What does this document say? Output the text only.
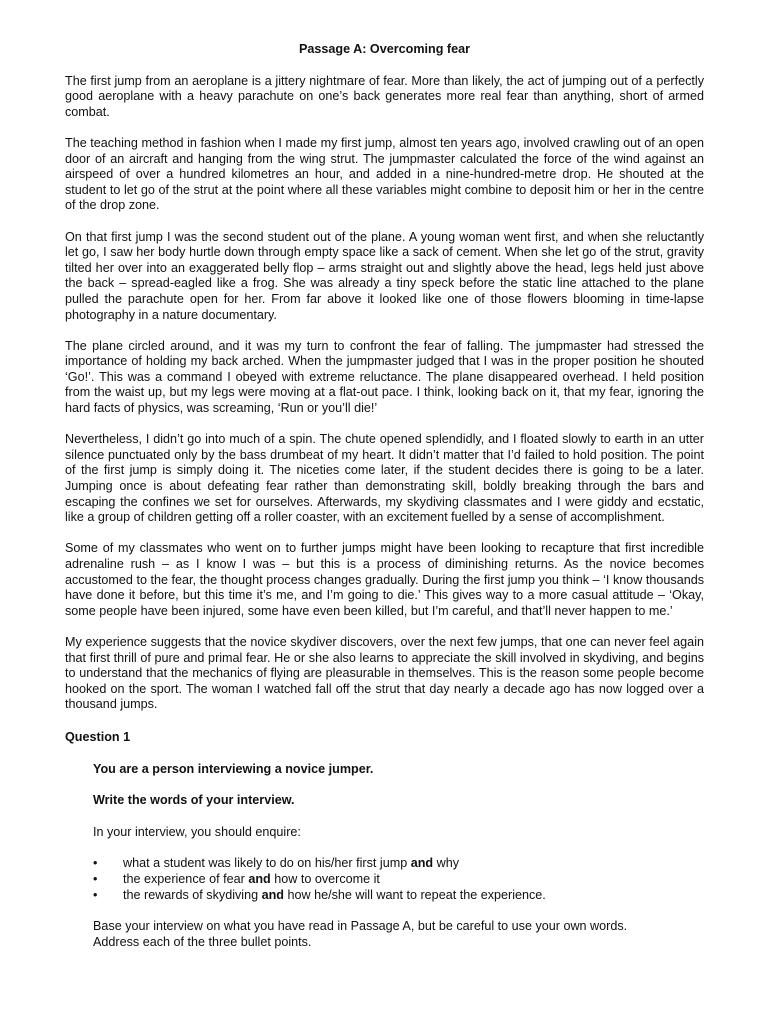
Passage A: Overcoming fear

The first jump from an aeroplane is a jittery nightmare of fear. More than likely, the act of jumping out of a perfectly good aeroplane with a heavy parachute on one’s back generates more real fear than anything, short of armed combat.

The teaching method in fashion when I made my first jump, almost ten years ago, involved crawling out of an open door of an aircraft and hanging from the wing strut. The jumpmaster calculated the force of the wind against an airspeed of over a hundred kilometres an hour, and added in a nine-hundred-metre drop. He shouted at the student to let go of the strut at the point where all these variables might combine to deposit him or her in the centre of the drop zone.

On that first jump I was the second student out of the plane. A young woman went first, and when she reluctantly let go, I saw her body hurtle down through empty space like a sack of cement. When she let go of the strut, gravity tilted her over into an exaggerated belly flop – arms straight out and slightly above the head, legs held just above the back – spread-eagled like a frog. She was already a tiny speck before the static line attached to the plane pulled the parachute open for her. From far above it looked like one of those flowers blooming in time-lapse photography in a nature documentary.

The plane circled around, and it was my turn to confront the fear of falling. The jumpmaster had stressed the importance of holding my back arched. When the jumpmaster judged that I was in the proper position he shouted ‘Go!’. This was a command I obeyed with extreme reluctance. The plane disappeared overhead. I held position from the waist up, but my legs were moving at a flat-out pace. I think, looking back on it, that my fear, ignoring the hard facts of physics, was screaming, ‘Run or you’ll die!’

Nevertheless, I didn’t go into much of a spin. The chute opened splendidly, and I floated slowly to earth in an utter silence punctuated only by the bass drumbeat of my heart. It didn’t matter that I’d failed to hold position. The point of the first jump is simply doing it. The niceties come later, if the student decides there is going to be a later. Jumping once is about defeating fear rather than demonstrating skill, boldly breaking through the bars and escaping the confines we set for ourselves. Afterwards, my skydiving classmates and I were giddy and ecstatic, like a group of children getting off a roller coaster, with an excitement fuelled by a sense of accomplishment.

Some of my classmates who went on to further jumps might have been looking to recapture that first incredible adrenaline rush – as I know I was – but this is a process of diminishing returns. As the novice becomes accustomed to the fear, the thought process changes gradually. During the first jump you think – ‘I know thousands have done it before, but this time it’s me, and I’m going to die.’ This gives way to a more casual attitude – ‘Okay, some people have been injured, some have even been killed, but I’m careful, and that’ll never happen to me.’

My experience suggests that the novice skydiver discovers, over the next few jumps, that one can never feel again that first thrill of pure and primal fear. He or she also learns to appreciate the skill involved in skydiving, and begins to understand that the mechanics of flying are pleasurable in themselves. This is the reason some people become hooked on the sport. The woman I watched fall off the strut that day nearly a decade ago has now logged over a thousand jumps.

Question 1
You are a person interviewing a novice jumper.
Write the words of your interview.
In your interview, you should enquire:
• what a student was likely to do on his/her first jump and why
• the experience of fear and how to overcome it
• the rewards of skydiving and how he/she will want to repeat the experience.
Base your interview on what you have read in Passage A, but be careful to use your own words.
Address each of the three bullet points.
